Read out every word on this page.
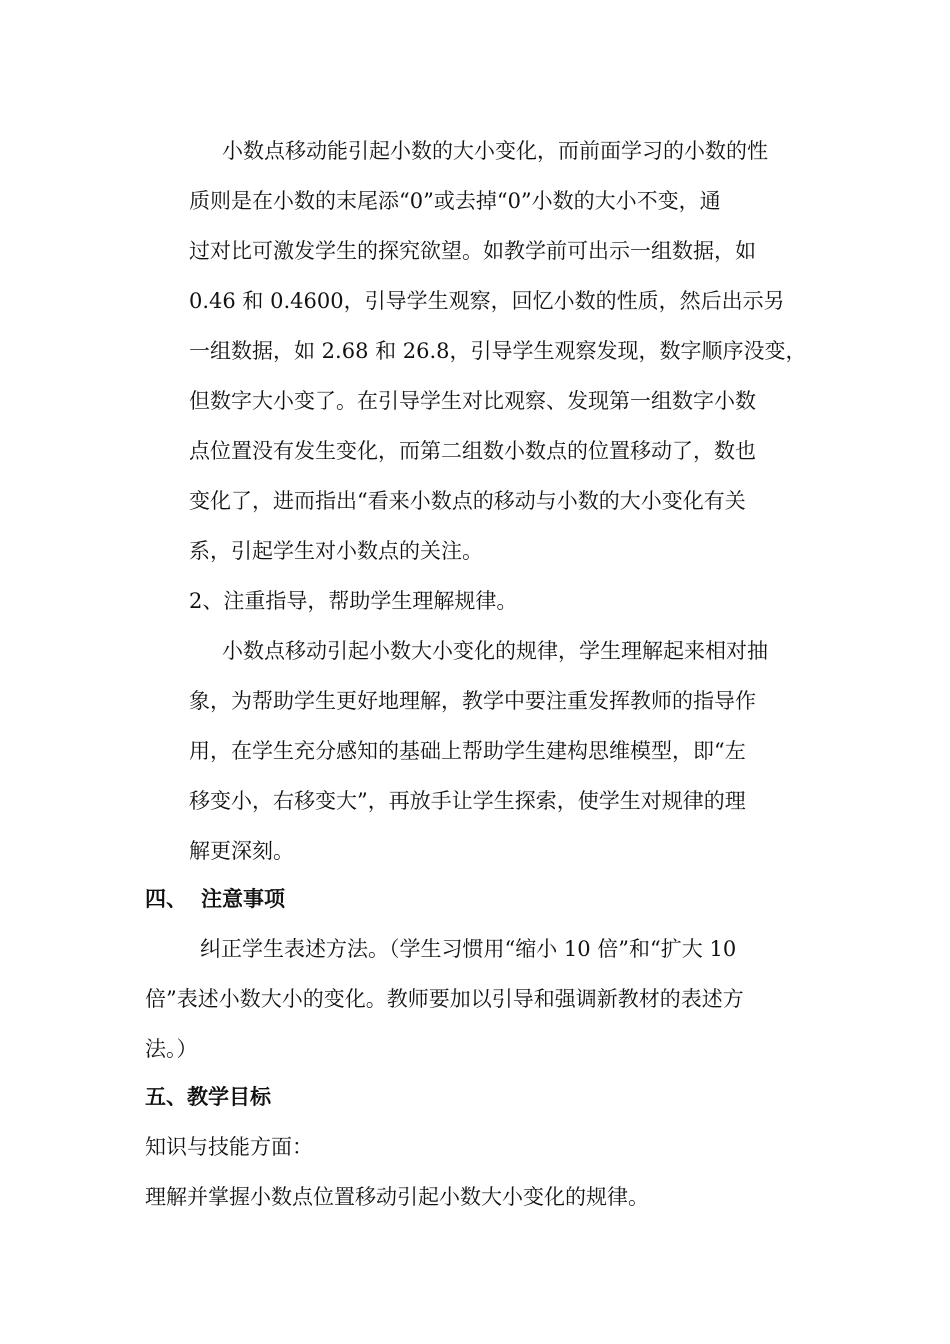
小数点移动能引起小数的大小变化，而前面学习的小数的性
质则是在小数的末尾添“0”或去掉“0”小数的大小不变，通
过对比可激发学生的探究欲望。如教学前可出示一组数据，如
0.46 和 0.4600，引导学生观察，回忆小数的性质，然后出示另
一组数据，如 2.68 和 26.8，引导学生观察发现，数字顺序没变，
但数字大小变了。在引导学生对比观察、发现第一组数字小数
点位置没有发生变化，而第二组数小数点的位置移动了，数也
变化了，进而指出“看来小数点的移动与小数的大小变化有关
系，引起学生对小数点的关注。
2、注重指导，帮助学生理解规律。
小数点移动引起小数大小变化的规律，学生理解起来相对抽
象，为帮助学生更好地理解，教学中要注重发挥教师的指导作
用，在学生充分感知的基础上帮助学生建构思维模型，即“左
移变小，右移变大”，再放手让学生探索，使学生对规律的理
解更深刻。
四、 注意事项
纠正学生表述方法。（学生习惯用“缩小 10 倍”和“扩大 10
倍”表述小数大小的变化。教师要加以引导和强调新教材的表述方
法。）
五、教学目标
知识与技能方面：
理解并掌握小数点位置移动引起小数大小变化的规律。
